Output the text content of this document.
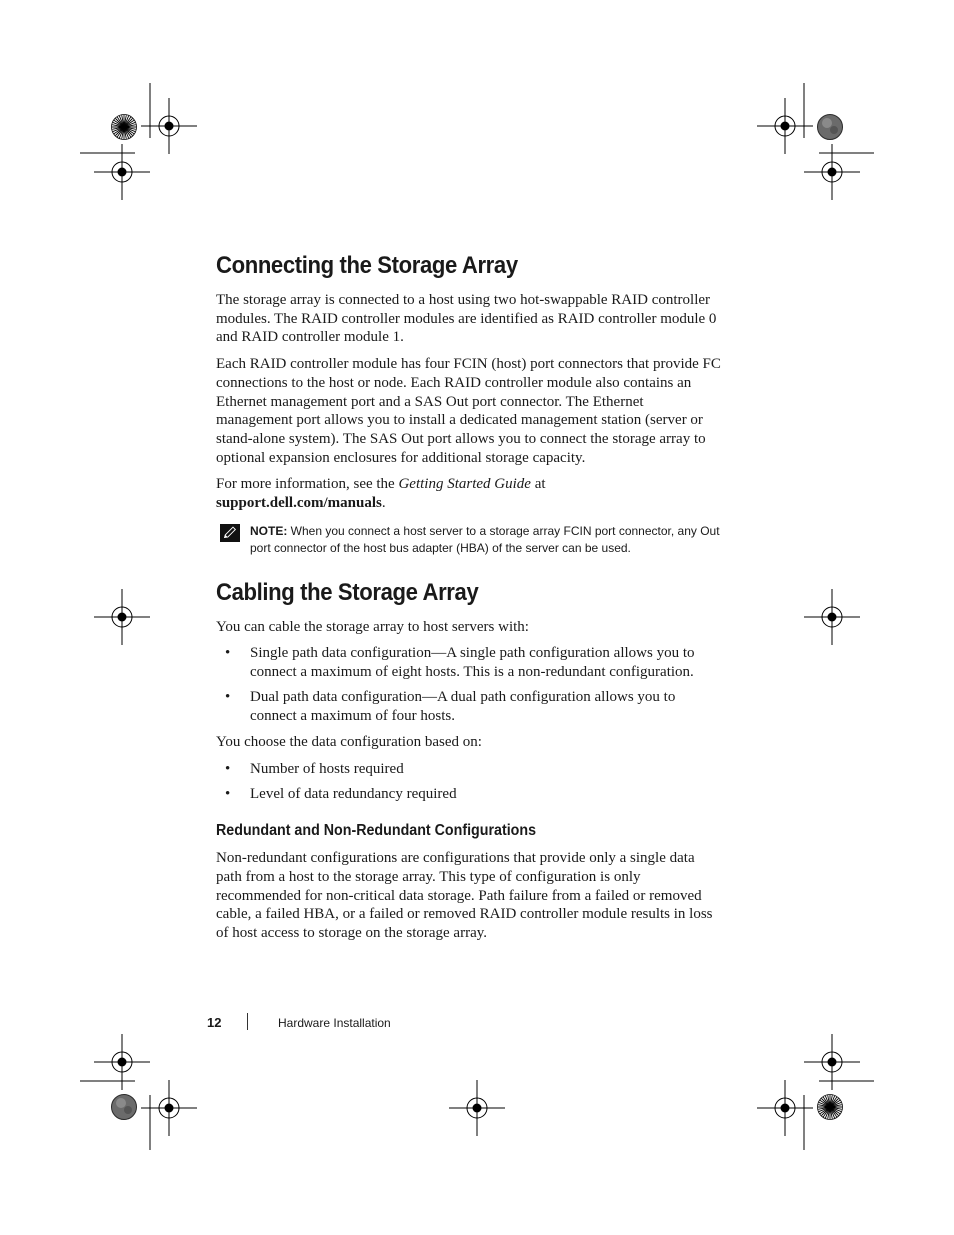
Connecting the Storage Array

The storage array is connected to a host using two hot-swappable RAID controller modules. The RAID controller modules are identified as RAID controller module 0 and RAID controller module 1.

Each RAID controller module has four FCIN (host) port connectors that provide FC connections to the host or node. Each RAID controller module also contains an Ethernet management port and a SAS Out port connector. The Ethernet management port allows you to install a dedicated management station (server or stand-alone system). The SAS Out port allows you to connect the storage array to optional expansion enclosures for additional storage capacity.

For more information, see the Getting Started Guide at
support.dell.com/manuals.

NOTE: When you connect a host server to a storage array FCIN port connector, any Out port connector of the host bus adapter (HBA) of the server can be used.
Cabling the Storage Array

You can cable the storage array to host servers with:

• Single path data configuration—A single path configuration allows you to connect a maximum of eight hosts. This is a non-redundant configuration.
• Dual path data configuration—A dual path configuration allows you to connect a maximum of four hosts.

You choose the data configuration based on:

• Number of hosts required
• Level of data redundancy required
Redundant and Non-Redundant Configurations

Non-redundant configurations are configurations that provide only a single data path from a host to the storage array. This type of configuration is only recommended for non-critical data storage. Path failure from a failed or removed cable, a failed HBA, or a failed or removed RAID controller module results in loss of host access to storage on the storage array.

12	Hardware Installation
